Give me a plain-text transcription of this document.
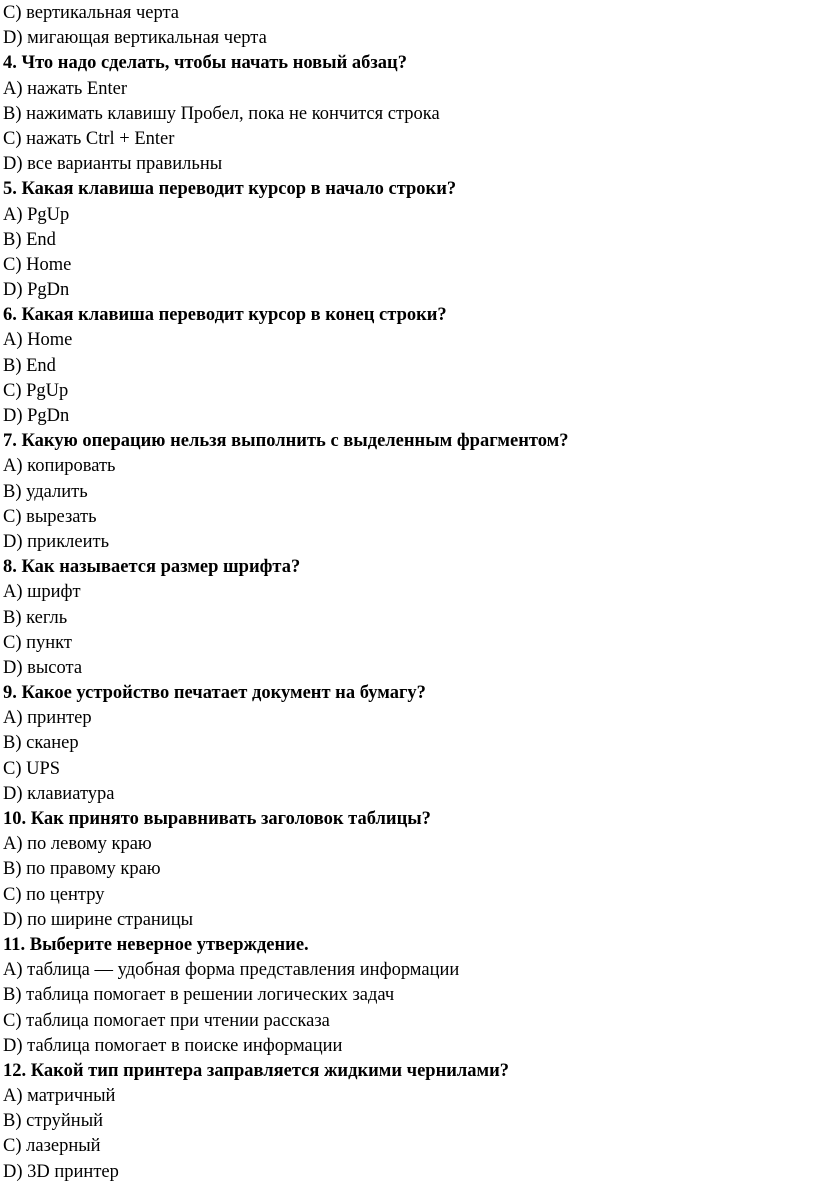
C) вертикальная черта

D) мигающая вертикальная черта

4. Что надо сделать, чтобы начать новый абзац?

A) нажать Enter

B) нажимать клавишу Пробел, пока не кончится строка

C) нажать Ctrl + Enter

D) все варианты правильны

5. Какая клавиша переводит курсор в начало строки?

A) PgUp

B) End

C) Home

D) PgDn

6. Какая клавиша переводит курсор в конец строки?

A) Home

B) End

C) PgUp

D) PgDn

7. Какую операцию нельзя выполнить с выделенным фрагментом?

A) копировать

B) удалить

C) вырезать

D) приклеить

8. Как называется размер шрифта?

A) шрифт

B) кегль

C) пункт

D) высота

9. Какое устройство печатает документ на бумагу?

A) принтер

B) сканер

C) UPS

D) клавиатура

10. Как принято выравнивать заголовок таблицы?

A) по левому краю

B) по правому краю

C) по центру

D) по ширине страницы

11. Выберите неверное утверждение.

A) таблица — удобная форма представления информации

B) таблица помогает в решении логических задач

C) таблица помогает при чтении рассказа

D) таблица помогает в поиске информации

12. Какой тип принтера заправляется жидкими чернилами?

A) матричный

B) струйный

C) лазерный

D) 3D принтер
